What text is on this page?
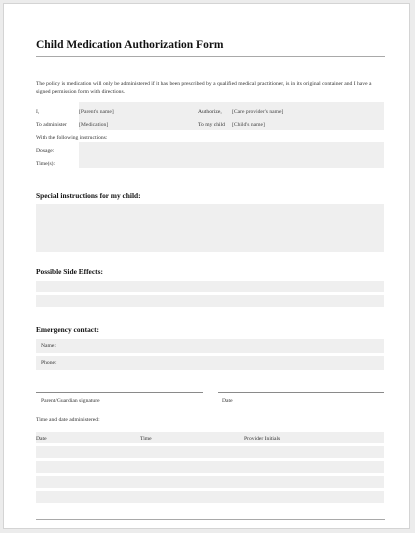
Child Medication Authorization Form
The policy is medication will only be administered if it has been prescribed by a qualified medical practitioner, is in its original container and I have a signed permission form with directions.
I,	[Parent's name]	Authorize, [Care provider's name]
To administer [Medication]	To my child [Child's name]
With the following instructions:
Dosage:
Time(s):
Special instructions for my child:
Possible Side Effects:
Emergency contact:
Name:
Phone:
Parent/Guardian signature	Date
Time and date administered:
Date	Time	Provider Initials
